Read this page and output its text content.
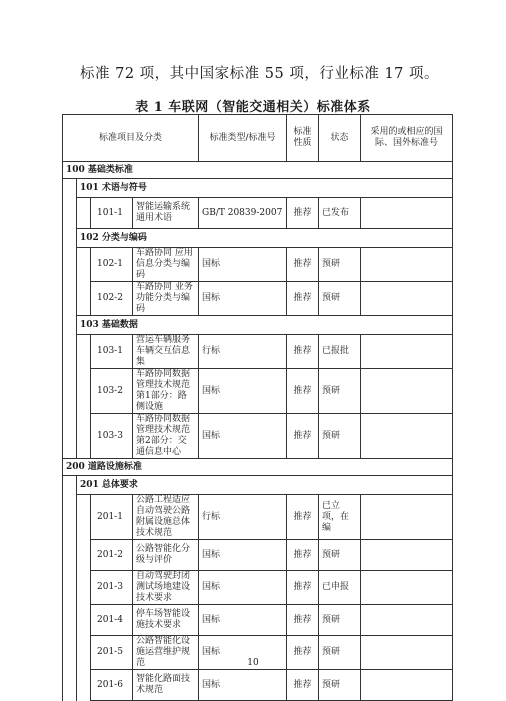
标准 72 项，其中国家标准 55 项，行业标准 17 项。
表 1 车联网（智能交通相关）标准体系
标准项目及分类				标准类型/标准号	标准性质	状态	采用的或相应的国际、国外标准号
100 基础类标准							
	101 术语与符号						
		101-1	智能运输系统 通用术语	GB/T 20839-2007	推荐	已发布	
	102 分类与编码						
		102-1	车路协同 应用信息分类与编码	国标	推荐	预研	
		102-2	车路协同 业务功能分类与编码	国标	推荐	预研	
	103 基础数据						
		103-1	营运车辆服务 车辆交互信息集	行标	推荐	已报批	
		103-2	车路协同数据管理技术规范 第1部分：路侧设施	国标	推荐	预研	
		103-3	车路协同数据管理技术规范 第2部分：交通信息中心	国标	推荐	预研	
200 道路设施标准							
	201 总体要求						
		201-1	公路工程适应自动驾驶公路附属设施总体技术规范	行标	推荐	已立项，在编	
		201-2	公路智能化分级与评价	国标	推荐	预研	
		201-3	自动驾驶封闭测试场地建设技术要求	国标	推荐	已申报	
		201-4	停车场智能设施技术要求	国标	推荐	预研	
		201-5	公路智能化设施运营维护规范	国标	推荐	预研	
		201-6	智能化路面技术规范	国标	推荐	预研	
10
